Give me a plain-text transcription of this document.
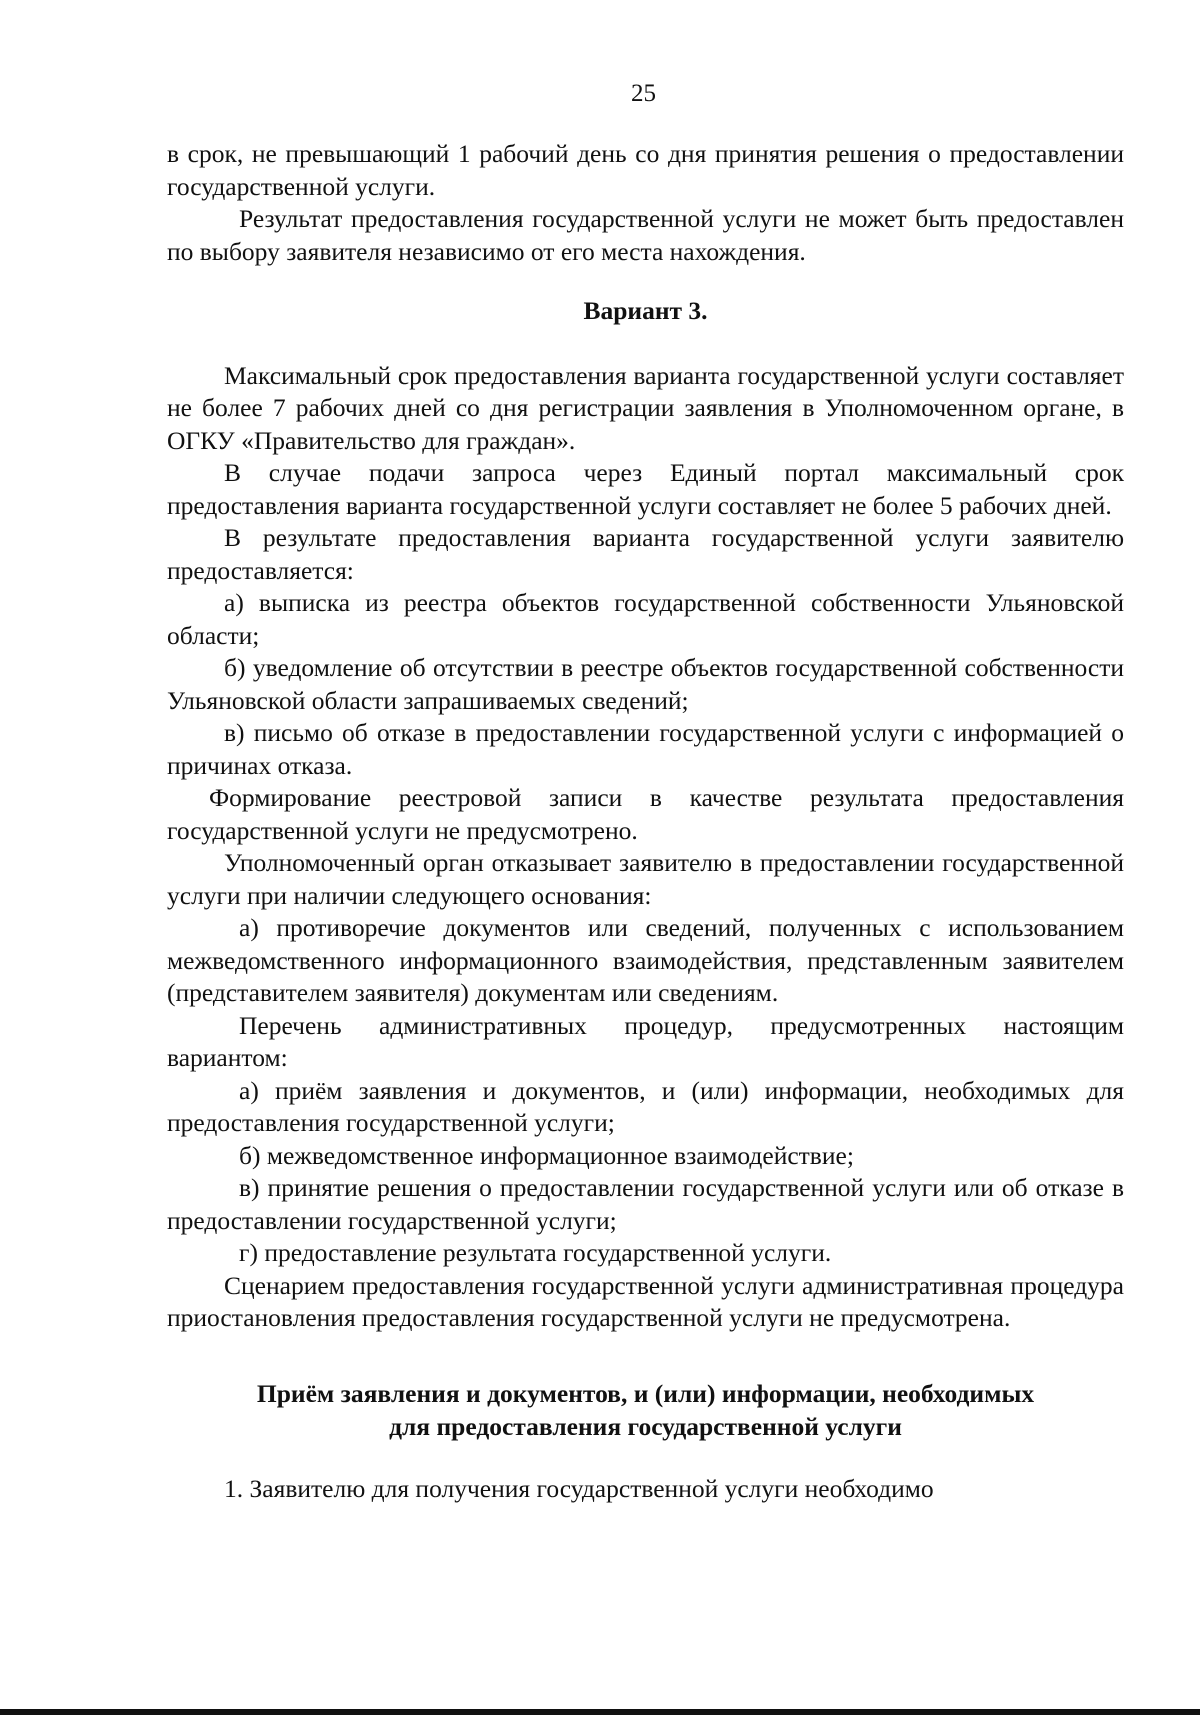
25

в срок, не превышающий 1 рабочий день со дня принятия решения о предоставлении государственной услуги.

Результат предоставления государственной услуги не может быть предоставлен по выбору заявителя независимо от его места нахождения.

Вариант 3.

Максимальный срок предоставления варианта государственной услуги составляет не более 7 рабочих дней со дня регистрации заявления в Уполномоченном органе, в ОГКУ «Правительство для граждан».

В случае подачи запроса через Единый портал максимальный срок предоставления варианта государственной услуги составляет не более 5 рабочих дней.

В результате предоставления варианта государственной услуги заявителю предоставляется:

а) выписка из реестра объектов государственной собственности Ульяновской области;

б) уведомление об отсутствии в реестре объектов государственной собственности Ульяновской области запрашиваемых сведений;

в) письмо об отказе в предоставлении государственной услуги с информацией о причинах отказа.

Формирование реестровой записи в качестве результата предоставления государственной услуги не предусмотрено.

Уполномоченный орган отказывает заявителю в предоставлении государственной услуги при наличии следующего основания:

а) противоречие документов или сведений, полученных с использованием межведомственного информационного взаимодействия, представленным заявителем (представителем заявителя) документам или сведениям.

Перечень административных процедур, предусмотренных настоящим вариантом:

а) приём заявления и документов, и (или) информации, необходимых для предоставления государственной услуги;

б) межведомственное информационное взаимодействие;

в) принятие решения о предоставлении государственной услуги или об отказе в предоставлении государственной услуги;

г) предоставление результата государственной услуги.

Сценарием предоставления государственной услуги административная процедура приостановления предоставления государственной услуги не предусмотрена.

Приём заявления и документов, и (или) информации, необходимых
для предоставления государственной услуги

1. Заявителю для получения государственной услуги необходимо
